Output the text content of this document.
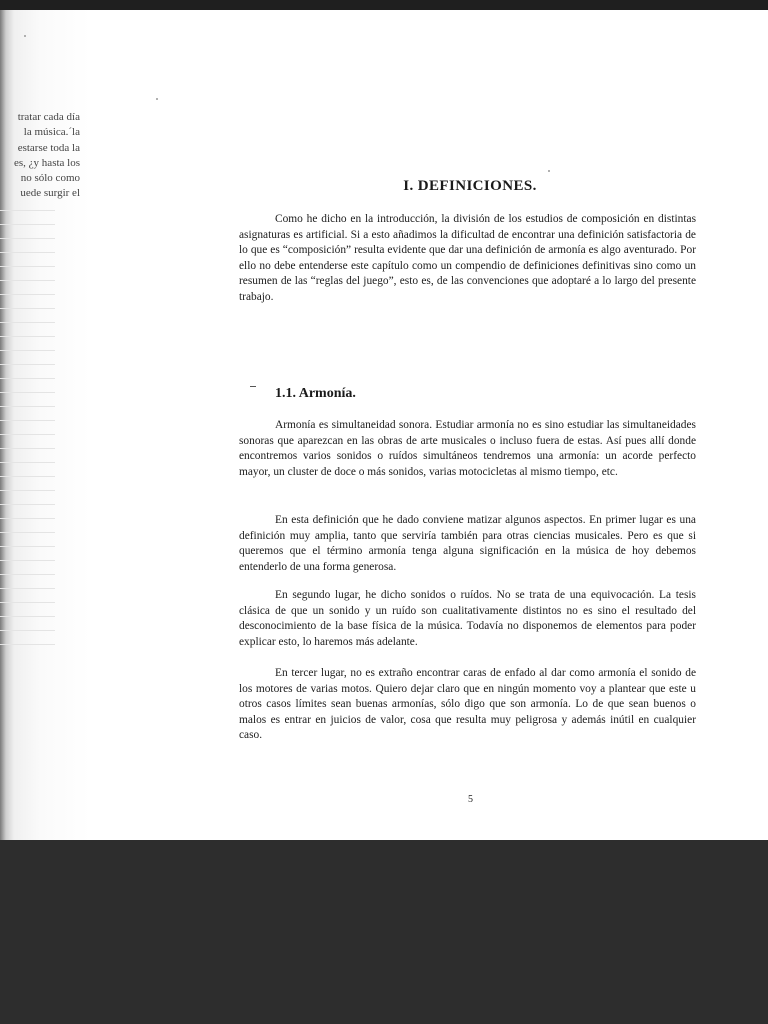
tratar cada día
la música.´la
estarse toda la
es, ¿y hasta los
no sólo como
uede surgir el	I. DEFINICIONES.

Como he dicho en la introducción, la división de los estudios de composición en distintas asignaturas es artificial. Si a esto añadimos la dificultad de encontrar una definición satisfactoria de lo que es “composición” resulta evidente que dar una definición de armonía es algo aventurado. Por ello no debe entenderse este capítulo como un compendio de definiciones definitivas sino como un resumen de las “reglas del juego”, esto es, de las convenciones que adoptaré a lo largo del presente trabajo.

1.1. Armonía.

Armonía es simultaneidad sonora. Estudiar armonía no es sino estudiar las simultaneidades sonoras que aparezcan en las obras de arte musicales o incluso fuera de estas. Así pues allí donde encontremos varios sonidos o ruídos simultáneos tendremos una armonía: un acorde perfecto mayor, un cluster de doce o más sonidos, varias motocicletas al mismo tiempo, etc.

En esta definición que he dado conviene matizar algunos aspectos. En primer lugar es una definición muy amplia, tanto que serviría también para otras ciencias musicales. Pero es que si queremos que el término armonía tenga alguna significación en la música de hoy debemos entenderlo de una forma generosa.

En segundo lugar, he dicho sonidos o ruídos. No se trata de una equivocación. La tesis clásica de que un sonido y un ruído son cualitativamente distintos no es sino el resultado del desconocimiento de la base física de la música. Todavía no disponemos de elementos para poder explicar esto, lo haremos más adelante.

En tercer lugar, no es extraño encontrar caras de enfado al dar como armonía el sonido de los motores de varias motos. Quiero dejar claro que en ningún momento voy a plantear que este u otros casos límites sean buenas armonías, sólo digo que son armonía. Lo de que sean buenos o malos es entrar en juicios de valor, cosa que resulta muy peligrosa y además inútil en cualquier caso.

5
